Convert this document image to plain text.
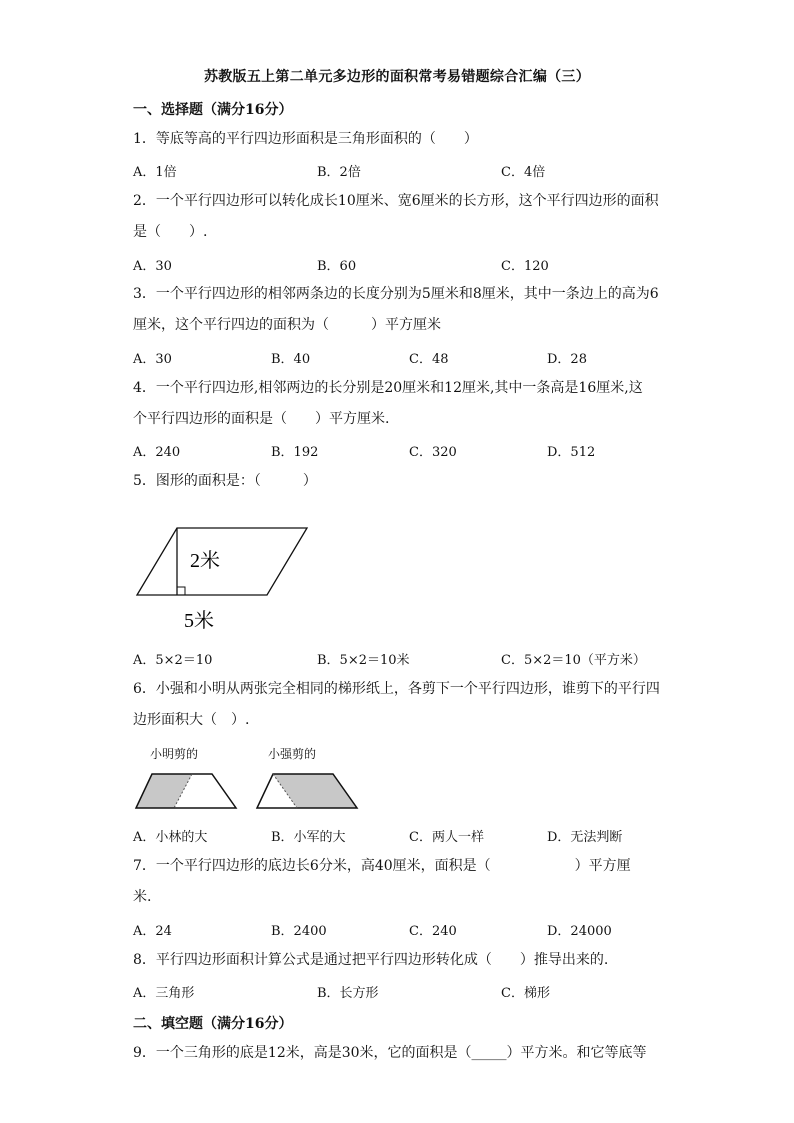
苏教版五上第二单元多边形的面积常考易错题综合汇编（三）
一、选择题（满分16分）
1．等底等高的平行四边形面积是三角形面积的（　　）
A．1倍	B．2倍	C．4倍
2．一个平行四边形可以转化成长10厘米、宽6厘米的长方形，这个平行四边形的面积
是（　　）.
A．30	B．60	C．120
3．一个平行四边形的相邻两条边的长度分别为5厘米和8厘米，其中一条边上的高为6
厘米，这个平行四边的面积为（　　　）平方厘米
A．30	B．40	C．48	D．28
4．一个平行四边形,相邻两边的长分别是20厘米和12厘米,其中一条高是16厘米,这
个平行四边形的面积是（　　）平方厘米.
A．240	B．192	C．320	D．512
5．图形的面积是：（　　　）
2米
5米
A．5×2＝10	B．5×2＝10米	C．5×2＝10（平方米）
6．小强和小明从两张完全相同的梯形纸上，各剪下一个平行四边形，谁剪下的平行四
边形面积大（　）.
小明剪的	小强剪的
A．小林的大	B．小军的大	C．两人一样	D．无法判断
7．一个平行四边形的底边长6分米，高40厘米，面积是（　　　　　　）平方厘
米.
A．24	B．2400	C．240	D．24000
8．平行四边形面积计算公式是通过把平行四边形转化成（　　）推导出来的.
A．三角形	B．长方形	C．梯形
二、填空题（满分16分）
9．一个三角形的底是12米，高是30米，它的面积是（_____）平方米。和它等底等
